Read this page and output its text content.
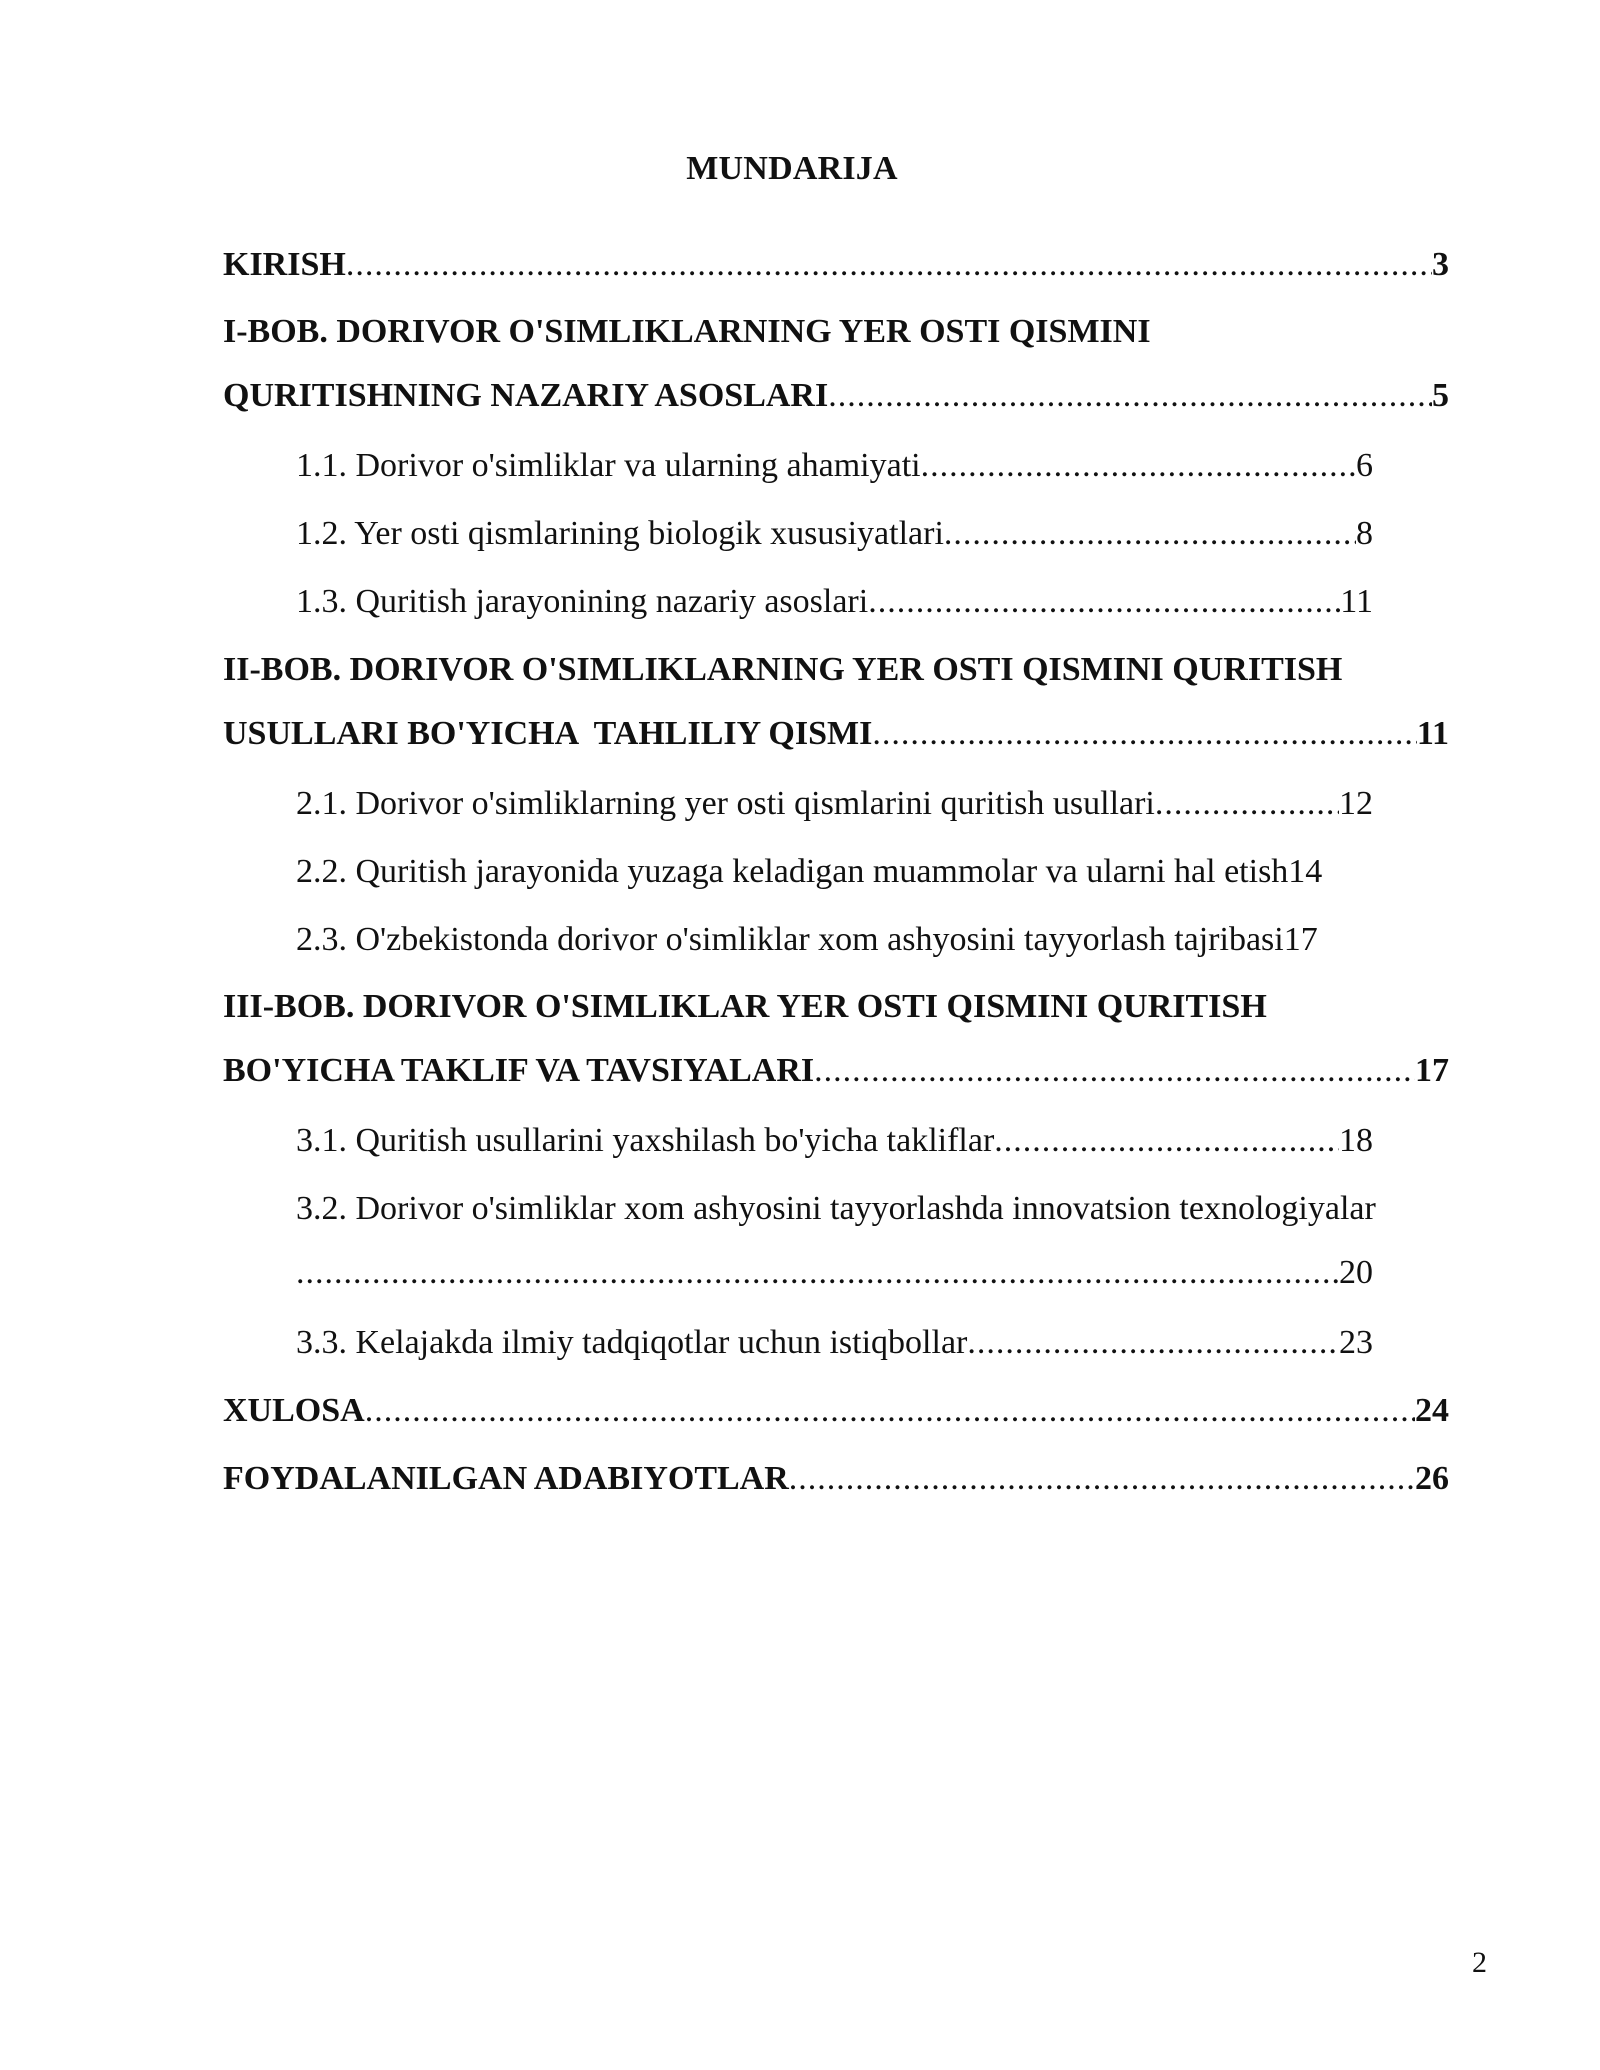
MUNDARIJA
KIRISH .....	3
I-BOB. DORIVOR O'SIMLIKLARNING YER OSTI QISMINI
QURITISHNING NAZARIY ASOSLARI .....	5
1.1. Dorivor o'simliklar va ularning ahamiyati .....	6
1.2. Yer osti qismlarining biologik xususiyatlari .....	8
1.3. Quritish jarayonining nazariy asoslari .....	11
II-BOB. DORIVOR O'SIMLIKLARNING YER OSTI QISMINI QURITISH
USULLARI BO'YICHA  TAHLILIY QISMI .....	11
2.1. Dorivor o'simliklarning yer osti qismlarini quritish usullari .....	12
2.2. Quritish jarayonida yuzaga keladigan muammolar va ularni hal etish14
2.3. O'zbekistonda dorivor o'simliklar xom ashyosini tayyorlash tajribasi17
III-BOB. DORIVOR O'SIMLIKLAR YER OSTI QISMINI QURITISH
BO'YICHA TAKLIF VA TAVSIYALARI .....	17
3.1. Quritish usullarini yaxshilash bo'yicha takliflar .....	18
3.2. Dorivor o'simliklar xom ashyosini tayyorlashda innovatsion texnologiyalar
.....
20
3.3. Kelajakda ilmiy tadqiqotlar uchun istiqbollar .....	23
XULOSA .....	24
FOYDALANILGAN ADABIYOTLAR .....	26
2
